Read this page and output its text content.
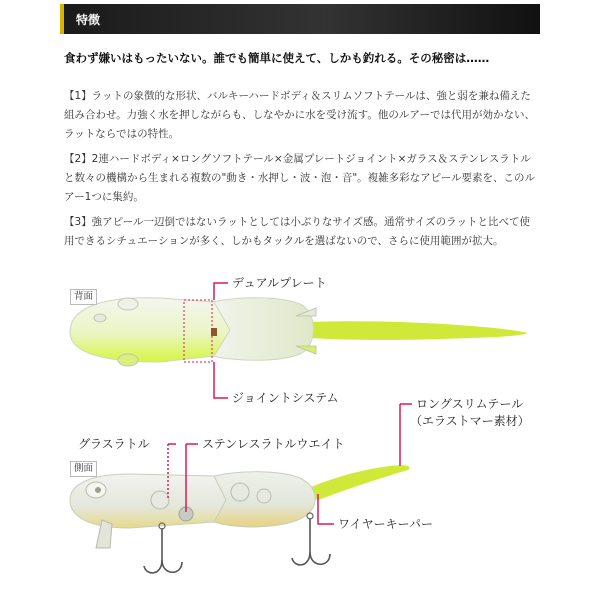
特徴
食わず嫌いはもったいない。誰でも簡単に使えて、しかも釣れる。その秘密は……
【1】ラットの象徴的な形状、バルキーハードボディ＆スリムソフトテールは、強と弱を兼ね備えた組み合わせ。力強く水を押しながらも、しなやかに水を受け流す。他のルアーでは代用が効かない、ラットならではの特性。
【2】2連ハードボディ×ロングソフトテール×金属プレートジョイント×ガラス＆ステンレスラトルと数々の機構から生まれる複数の"動き・水押し・波・泡・音"。複雑多彩なアピール要素を、このルアー1つに集約。
【3】強アピール一辺倒ではないラットとしては小ぶりなサイズ感。通常サイズのラットと比べて使用できるシチュエーションが多く、しかもタックルを選ばないので、さらに使用範囲が拡大。
背面
側面
デュアルプレート
ジョイントシステム	ロングスリムテール
（エラストマー素材）
グラスラトル	ステンレスラトルウエイト
ワイヤーキーパー
